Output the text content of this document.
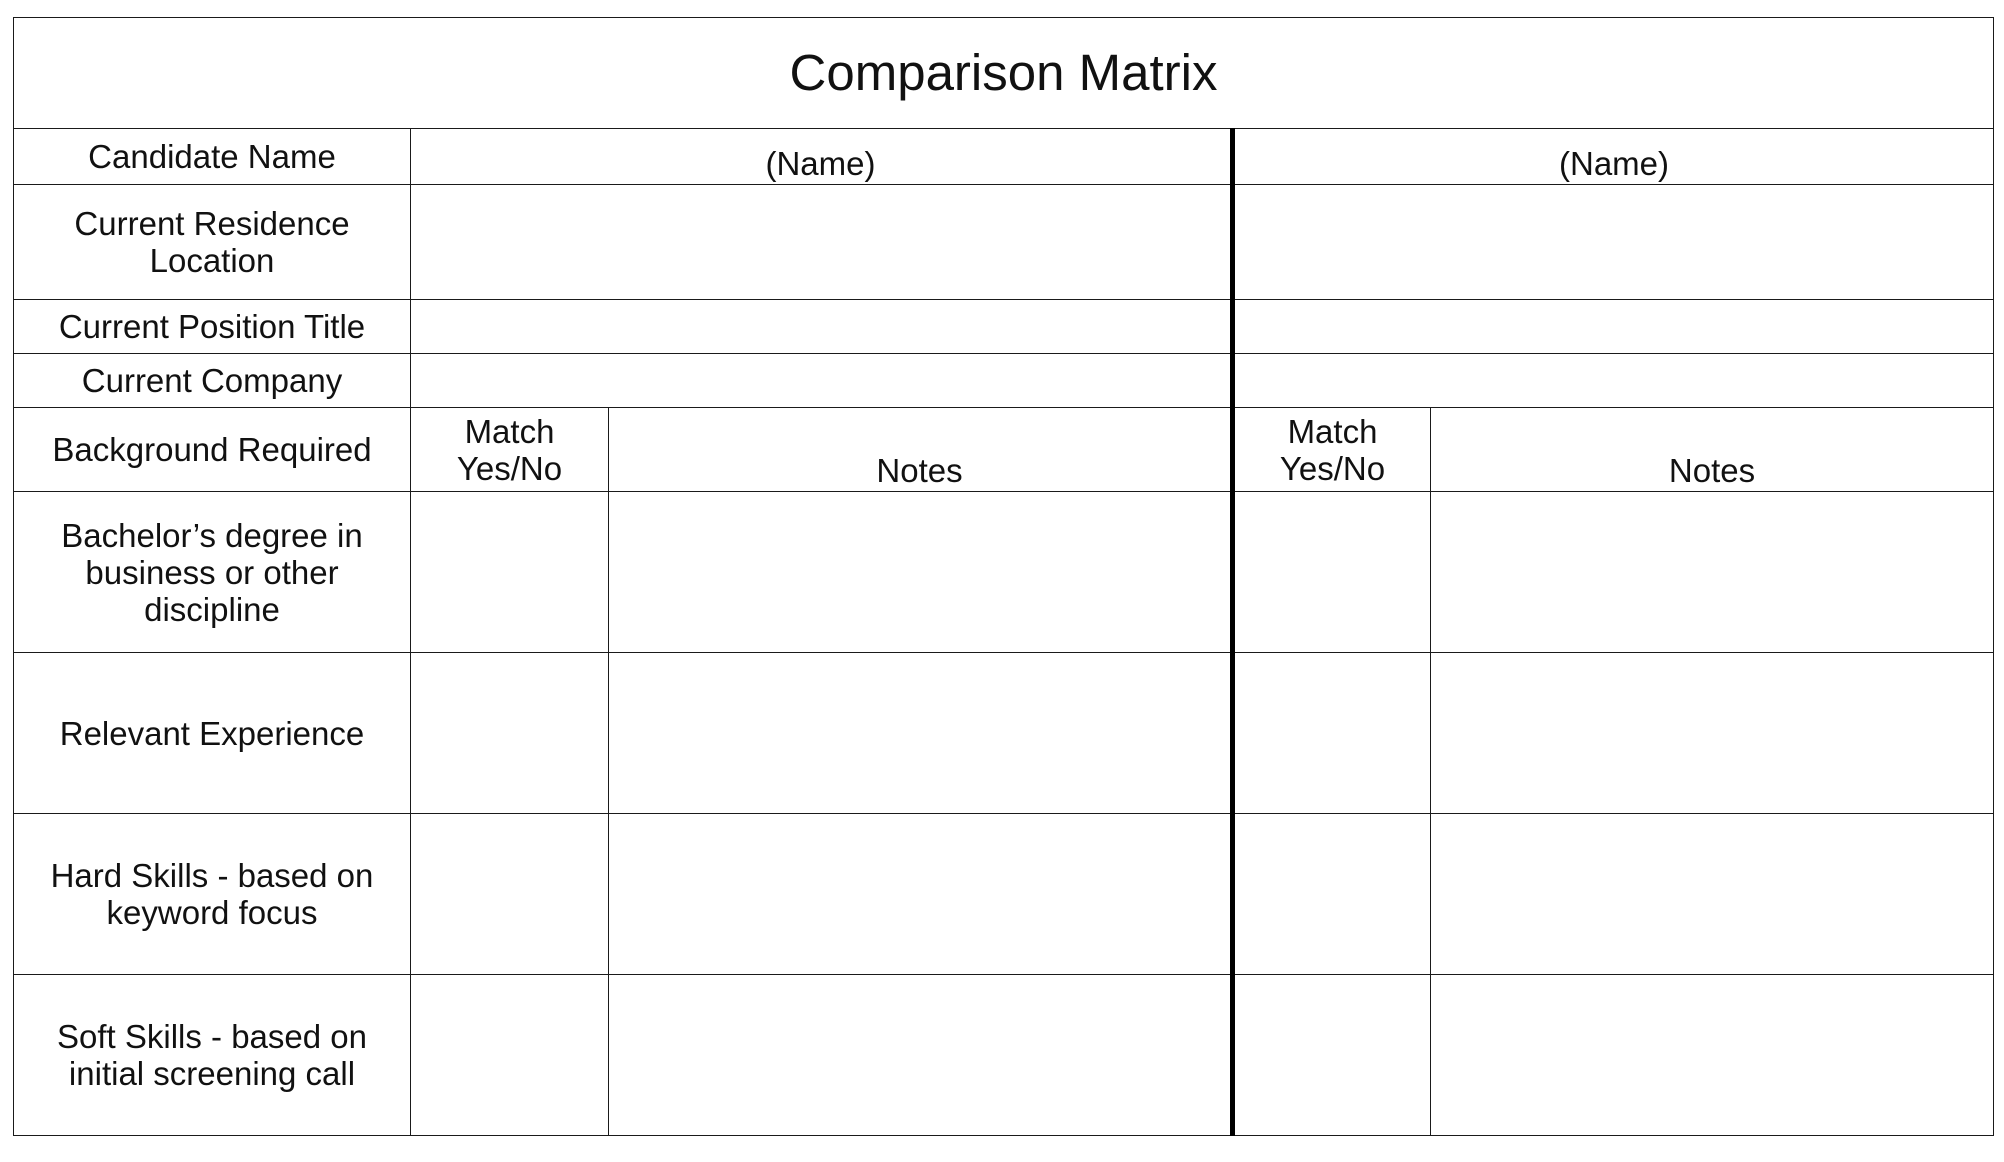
Comparison Matrix				
Candidate Name	(Name)		(Name)	
Current Residence Location				
Current Position Title				
Current Company				
Background Required	Match Yes/No	Notes	Match Yes/No	Notes
Bachelor’s degree in business or other discipline				
Relevant Experience				
Hard Skills - based on keyword focus				
Soft Skills - based on initial screening call				
